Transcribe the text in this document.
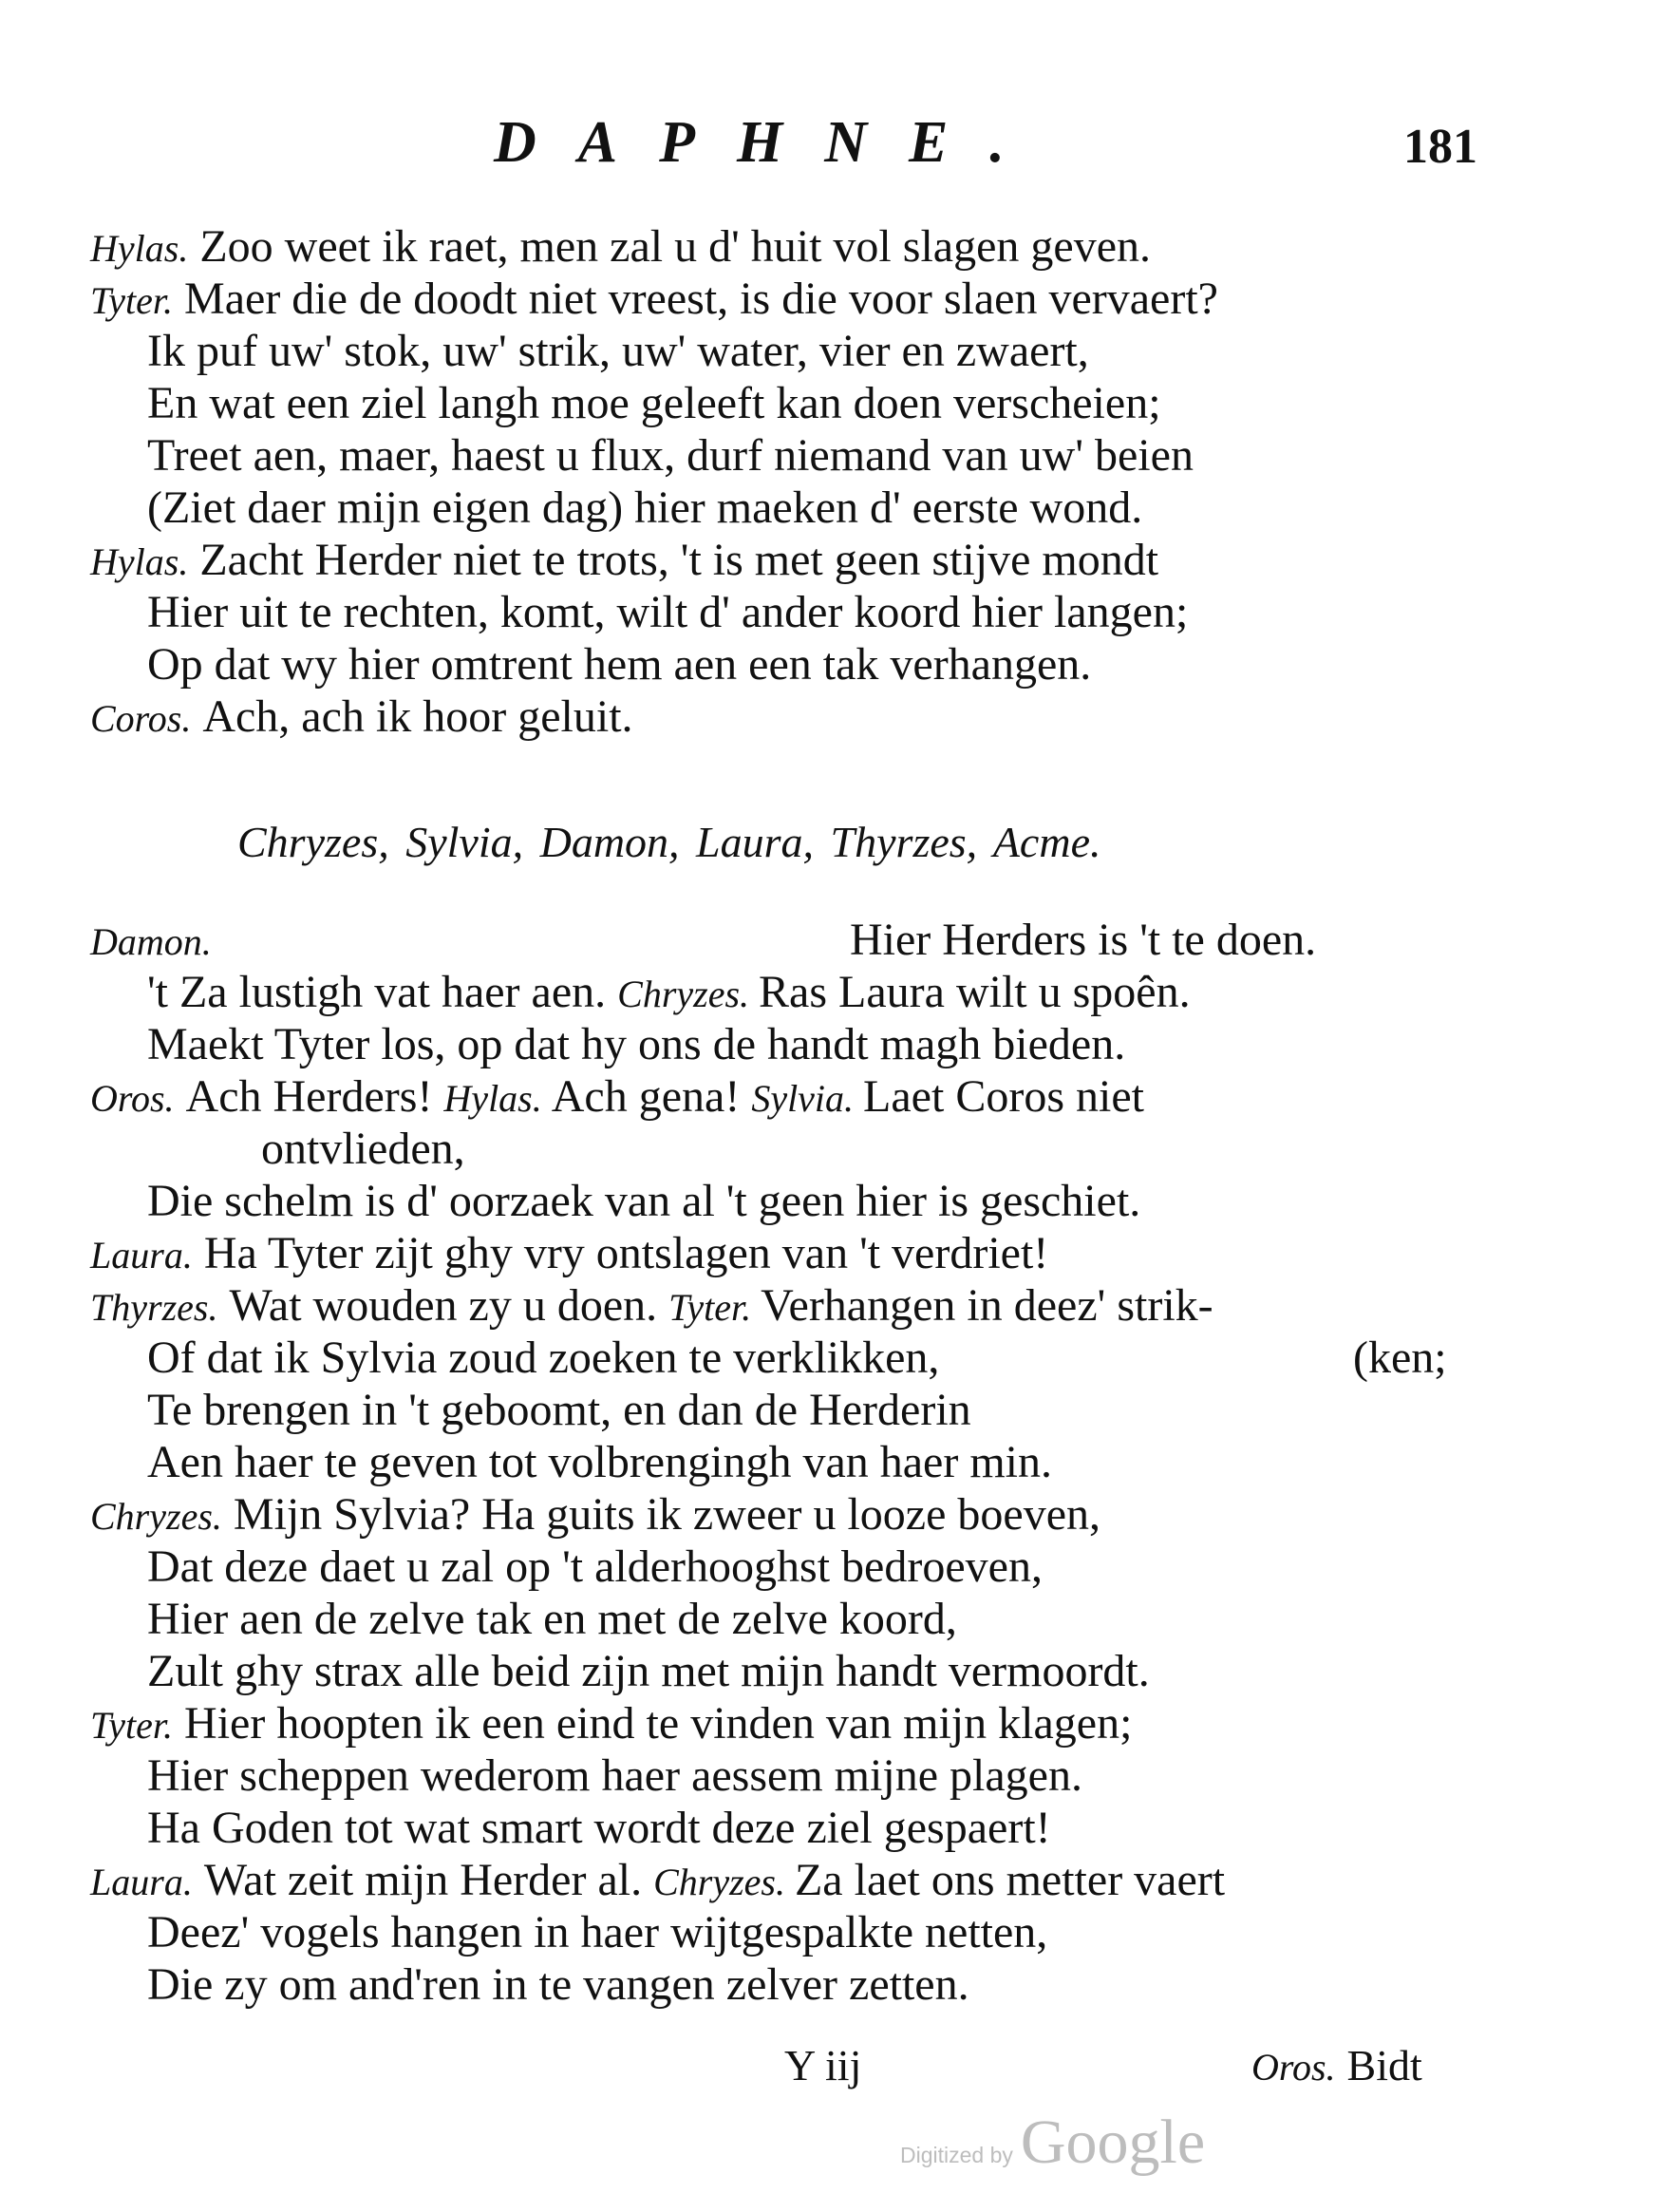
DAPHNE.	181
Hylas. Zoo weet ik raet, men zal u d' huit vol slagen geven.
Tyter. Maer die de doodt niet vreest, is die voor slaen vervaert?
Ik puf uw' stok, uw' strik, uw' water, vier en zwaert,
En wat een ziel langh moe geleeft kan doen verscheien;
Treet aen, maer, haest u flux, durf niemand van uw' beien
(Ziet daer mijn eigen dag) hier maeken d' eerste wond.
Hylas. Zacht Herder niet te trots, 't is met geen stijve mondt
Hier uit te rechten, komt, wilt d' ander koord hier langen;
Op dat wy hier omtrent hem aen een tak verhangen.
Coros. Ach, ach ik hoor geluit.
Chryzes, Sylvia, Damon, Laura, Thyrzes, Acme.
Damon.	Hier Herders is 't te doen.
't Za lustigh vat haer aen. Chryzes. Ras Laura wilt u spoên.
Maekt Tyter los, op dat hy ons de handt magh bieden.
Oros. Ach Herders! Hylas. Ach gena! Sylvia. Laet Coros niet
ontvlieden,
Die schelm is d' oorzaek van al 't geen hier is geschiet.
Laura. Ha Tyter zijt ghy vry ontslagen van 't verdriet!
Thyrzes. Wat wouden zy u doen. Tyter. Verhangen in deez' strik-
Of dat ik Sylvia zoud zoeken te verklikken,	(ken;
Te brengen in 't geboomt, en dan de Herderin
Aen haer te geven tot volbrengingh van haer min.
Chryzes. Mijn Sylvia? Ha guits ik zweer u looze boeven,
Dat deze daet u zal op 't alderhooghst bedroeven,
Hier aen de zelve tak en met de zelve koord,
Zult ghy strax alle beid zijn met mijn handt vermoordt.
Tyter. Hier hoopten ik een eind te vinden van mijn klagen;
Hier scheppen wederom haer aessem mijne plagen.
Ha Goden tot wat smart wordt deze ziel gespaert!
Laura. Wat zeit mijn Herder al. Chryzes. Za laet ons metter vaert
Deez' vogels hangen in haer wijtgespalkte netten,
Die zy om and'ren in te vangen zelver zetten.
Y iij	Oros. Bidt
Digitized by Google
